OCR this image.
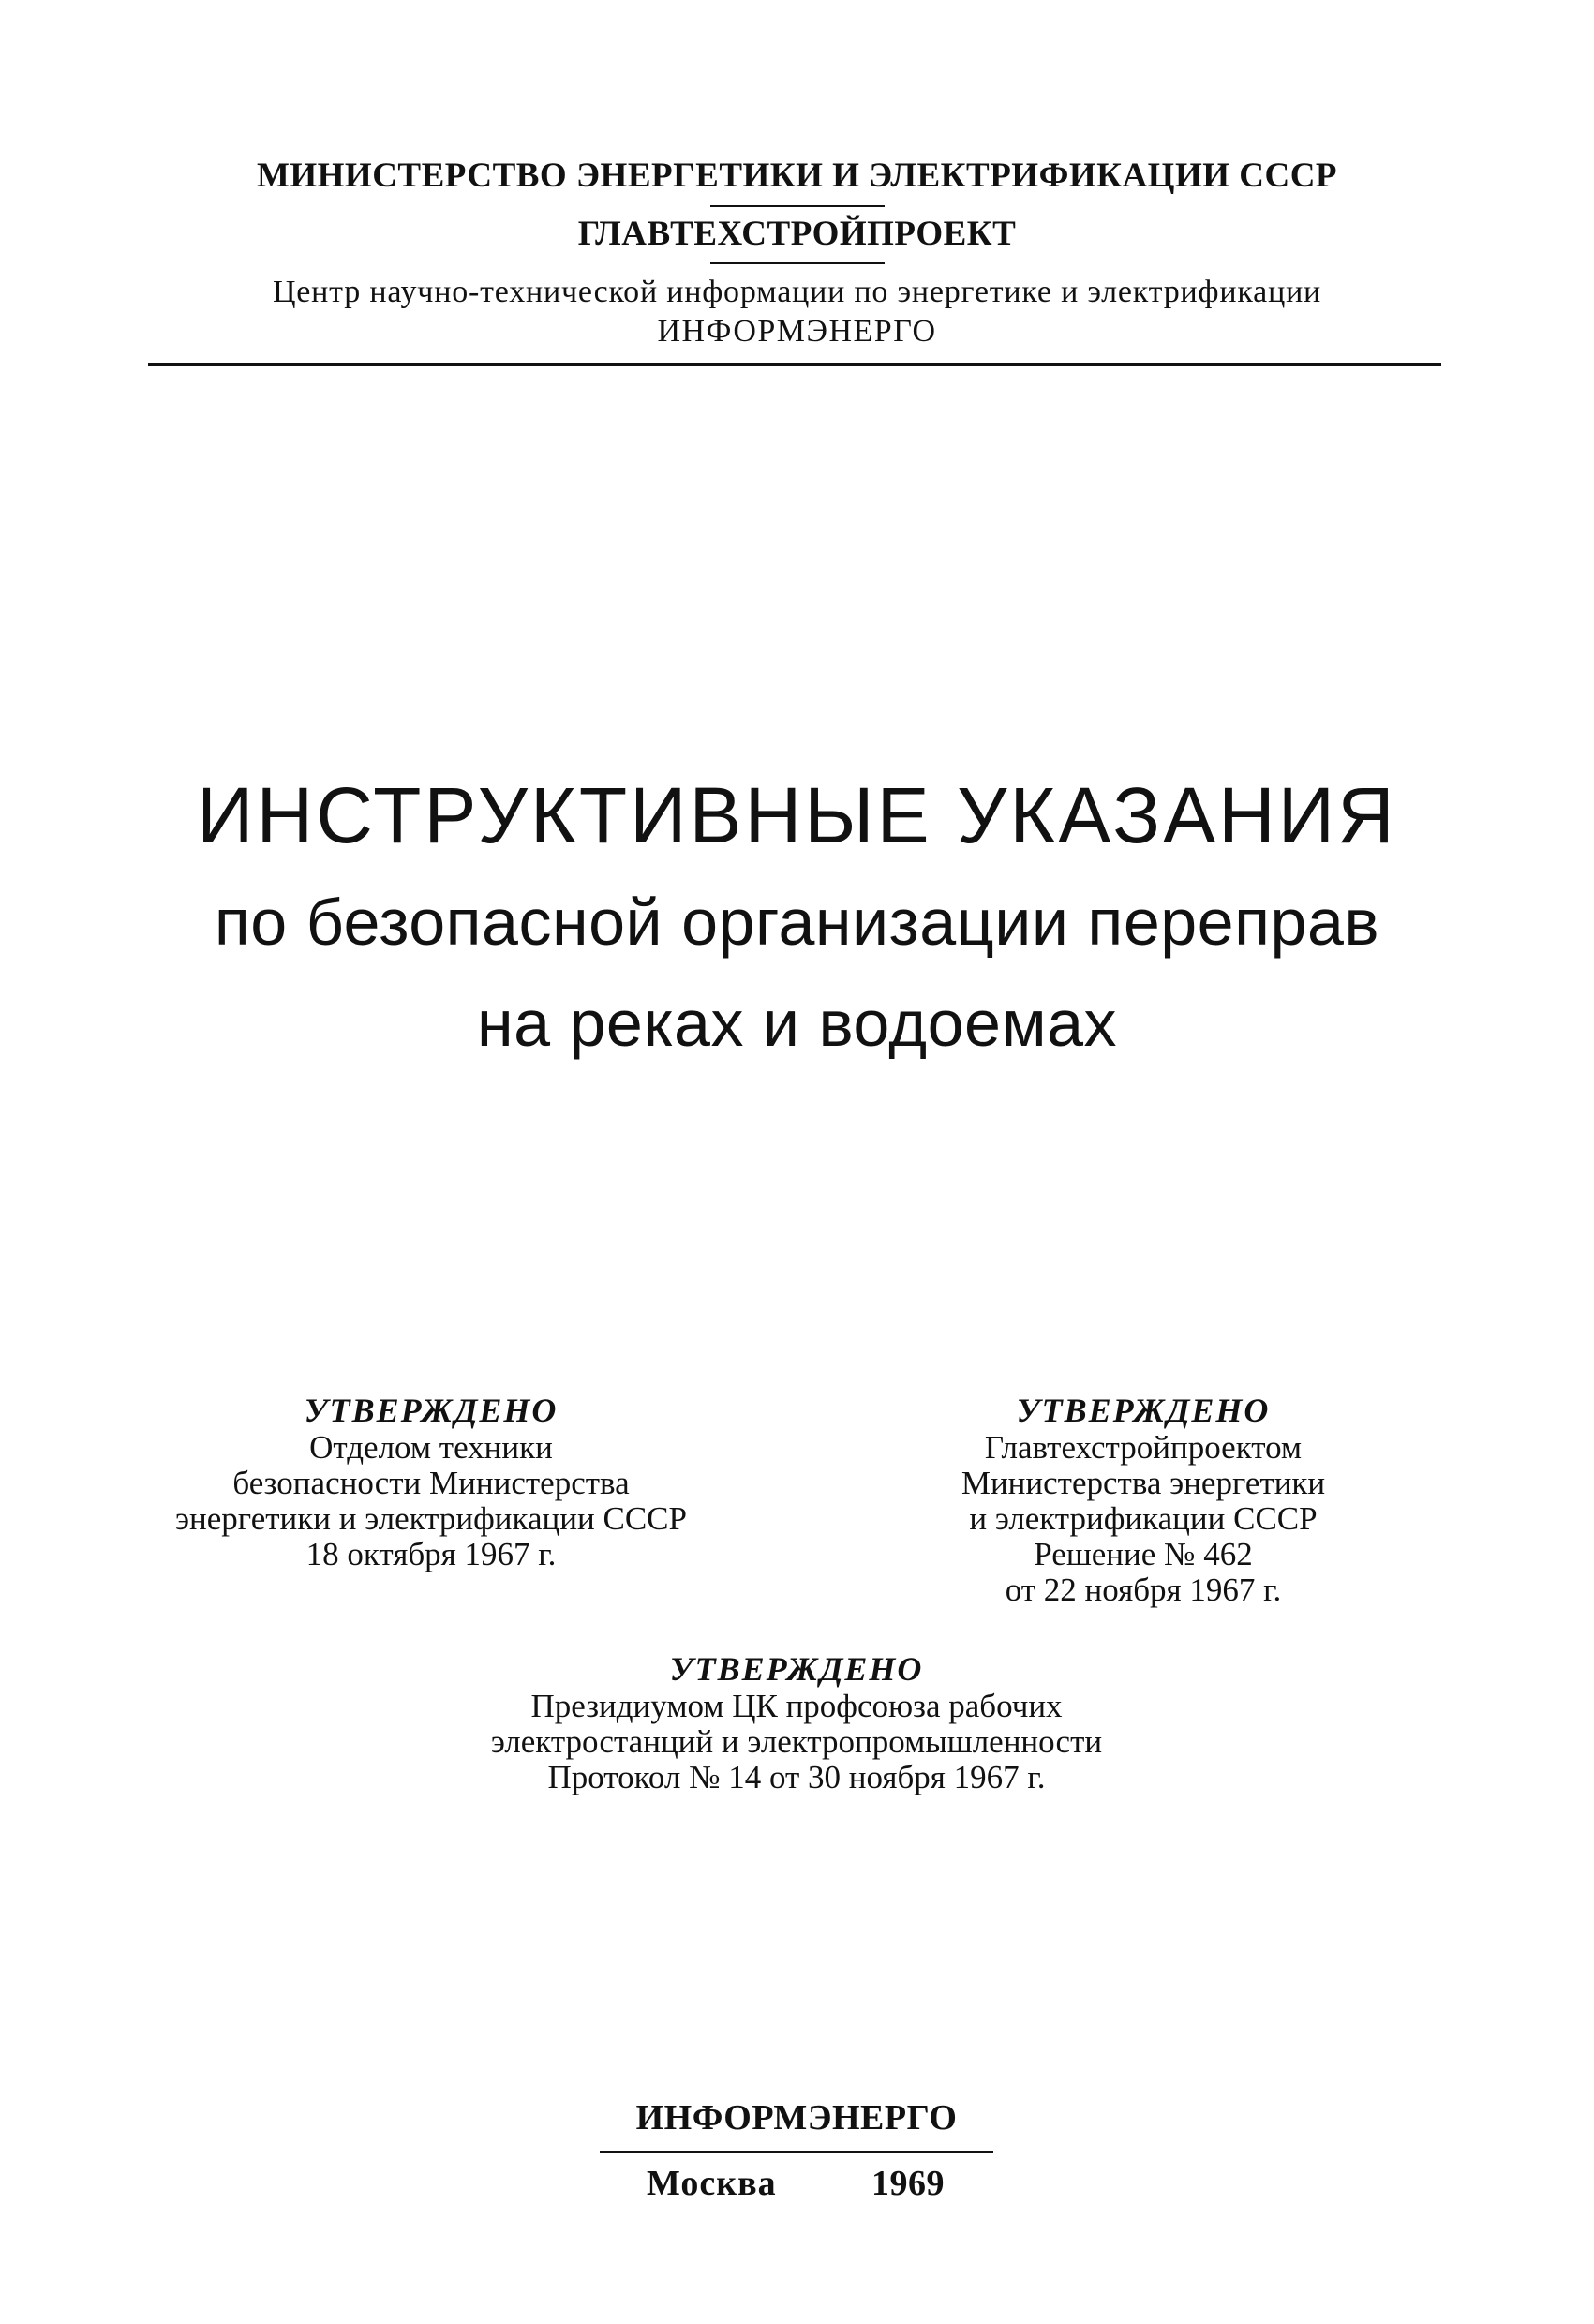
МИНИСТЕРСТВО ЭНЕРГЕТИКИ И ЭЛЕКТРИФИКАЦИИ СССР
ГЛАВТЕХСТРОЙПРОЕКТ
Центр научно-технической информации по энергетике и электрификации
ИНФОРМЭНЕРГО
ИНСТРУКТИВНЫЕ УКАЗАНИЯ
по безопасной организации переправ
на реках и водоемах
УТВЕРЖДЕНО
Отделом техники
безопасности Министерства
энергетики и электрификации СССР
18 октября 1967 г.
УТВЕРЖДЕНО
Главтехстройпроектом
Министерства энергетики
и электрификации СССР
Решение № 462
от 22 ноября 1967 г.
УТВЕРЖДЕНО
Президиумом ЦК профсоюза рабочих
электростанций и электропромышленности
Протокол № 14 от 30 ноября 1967 г.
ИНФОРМЭНЕРГО
Москва	1969
